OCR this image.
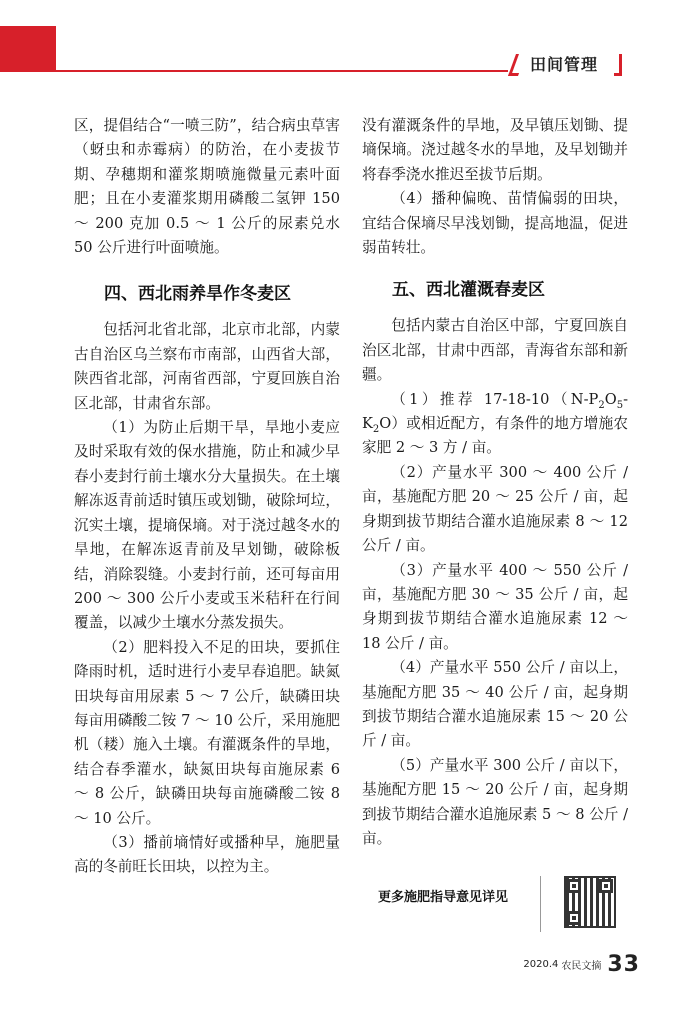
田间管理

区，提倡结合“一喷三防”，结合病虫草害（蚜虫和赤霉病）的防治，在小麦拔节期、孕穗期和灌浆期喷施微量元素叶面肥；且在小麦灌浆期用磷酸二氢钾 150 ～ 200 克加 0.5 ～ 1 公斤的尿素兑水 50 公斤进行叶面喷施。

四、西北雨养旱作冬麦区

包括河北省北部，北京市北部，内蒙古自治区乌兰察布市南部，山西省大部，陕西省北部，河南省西部，宁夏回族自治区北部，甘肃省东部。

（1）为防止后期干旱，旱地小麦应及时采取有效的保水措施，防止和减少早春小麦封行前土壤水分大量损失。在土壤解冻返青前适时镇压或划锄，破除坷垃，沉实土壤，提墒保墒。对于浇过越冬水的旱地，在解冻返青前及早划锄，破除板结，消除裂缝。小麦封行前，还可每亩用 200 ～ 300 公斤小麦或玉米秸秆在行间覆盖，以减少土壤水分蒸发损失。

（2）肥料投入不足的田块，要抓住降雨时机，适时进行小麦早春追肥。缺氮田块每亩用尿素 5 ～ 7 公斤，缺磷田块每亩用磷酸二铵 7 ～ 10 公斤，采用施肥机（耧）施入土壤。有灌溉条件的旱地，结合春季灌水，缺氮田块每亩施尿素 6 ～ 8 公斤，缺磷田块每亩施磷酸二铵 8 ～ 10 公斤。

（3）播前墒情好或播种早，施肥量高的冬前旺长田块，以控为主。

没有灌溉条件的旱地，及早镇压划锄、提墒保墒。浇过越冬水的旱地，及早划锄并将春季浇水推迟至拔节后期。

（4）播种偏晚、苗情偏弱的田块，宜结合保墒尽早浅划锄，提高地温，促进弱苗转壮。

五、西北灌溉春麦区

包括内蒙古自治区中部，宁夏回族自治区北部，甘肃中西部，青海省东部和新疆。

（1）推荐 $17-18-10(N-P_2O_5-K_2O)$或相近配方，有条件的地方增施农家肥 2 ～ 3 方 / 亩。

（2）产量水平 300 ～ 400 公斤 / 亩，基施配方肥 20 ～ 25 公斤 / 亩，起身期到拔节期结合灌水追施尿素 8 ～ 12 公斤 / 亩。

（3）产量水平 400 ～ 550 公斤 / 亩，基施配方肥 30 ～ 35 公斤 / 亩，起身期到拔节期结合灌水追施尿素 12 ～ 18 公斤 / 亩。

（4）产量水平 550 公斤 / 亩以上，基施配方肥 35 ～ 40 公斤 / 亩，起身期到拔节期结合灌水追施尿素 15 ～ 20 公斤 / 亩。

（5）产量水平 300 公斤 / 亩以下，基施配方肥 15 ～ 20 公斤 / 亩，起身期到拔节期结合灌水追施尿素 5 ～ 8 公斤 / 亩。

更多施肥指导意见详见
2020.4 农民文摘 33
